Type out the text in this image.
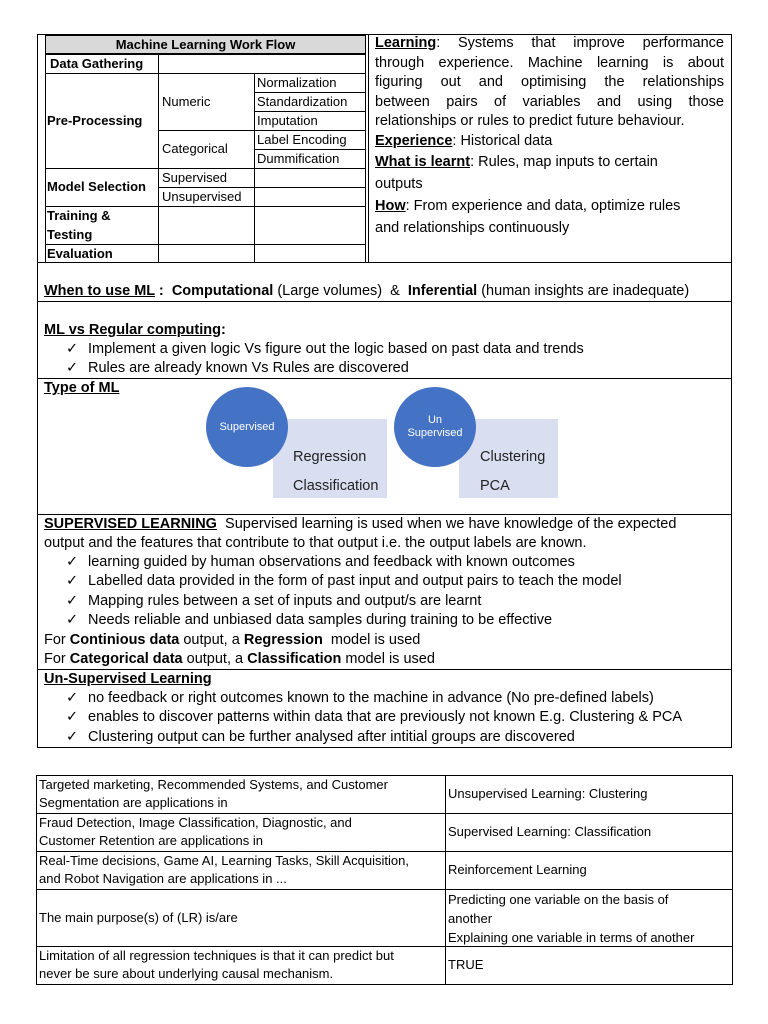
Machine Learning Work Flow
Data Gathering
Pre-Processing
Numeric
Categorical
Normalization
Standardization
Imputation
Label Encoding
Dummification
Model Selection
Supervised
Unsupervised
Training &
Testing
Evaluation
Learning: Systems that improve performance
through experience. Machine learning is about
figuring out and optimising the relationships
between pairs of variables and using those
relationships or rules to predict future behaviour.
Experience: Historical data
What is learnt: Rules, map inputs to certain
outputs
How: From experience and data, optimize rules
and relationships continuously
When to use ML :  Computational (Large volumes)  &  Inferential (human insights are inadequate)
ML vs Regular computing:
✓ Implement a given logic Vs figure out the logic based on past data and trends
✓ Rules are already known Vs Rules are discovered
Type of ML
Supervised
Regression
Classification
Un
Supervised
Clustering
PCA
SUPERVISED LEARNING  Supervised learning is used when we have knowledge of the expected
output and the features that contribute to that output i.e. the output labels are known.
✓ learning guided by human observations and feedback with known outcomes
✓ Labelled data provided in the form of past input and output pairs to teach the model
✓ Mapping rules between a set of inputs and output/s are learnt
✓ Needs reliable and unbiased data samples during training to be effective
For Continious data output, a Regression  model is used
For Categorical data output, a Classification model is used
Un-Supervised Learning
✓ no feedback or right outcomes known to the machine in advance (No pre-defined labels)
✓ enables to discover patterns within data that are previously not known E.g. Clustering & PCA
✓ Clustering output can be further analysed after intitial groups are discovered
Targeted marketing, Recommended Systems, and Customer
Segmentation are applications in
Unsupervised Learning: Clustering
Fraud Detection, Image Classification, Diagnostic, and
Customer Retention are applications in
Supervised Learning: Classification
Real-Time decisions, Game AI, Learning Tasks, Skill Acquisition,
and Robot Navigation are applications in ...
Reinforcement Learning
The main purpose(s) of (LR) is/are
Predicting one variable on the basis of
another
Explaining one variable in terms of another
Limitation of all regression techniques is that it can predict but
never be sure about underlying causal mechanism.
TRUE
